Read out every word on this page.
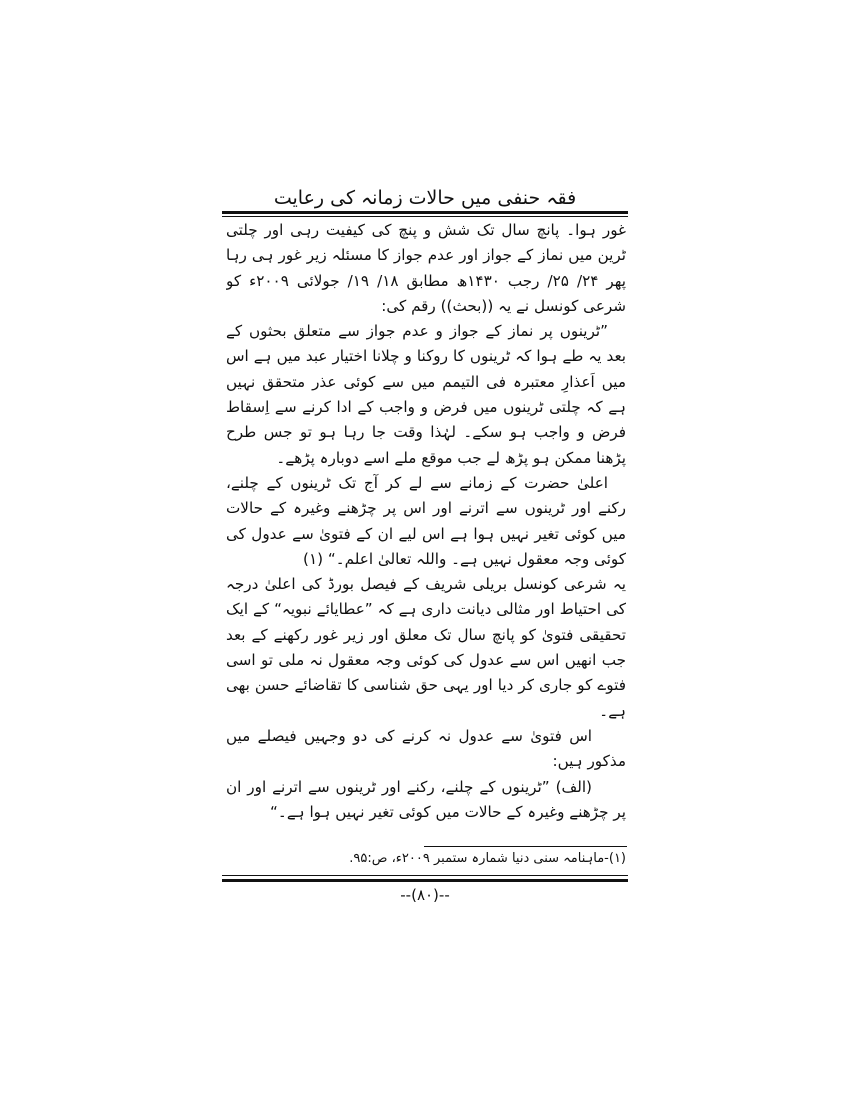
فقہ حنفی میں حالات زمانہ کی رعایت

غور ہوا۔ پانچ سال تک شش و پنچ کی کیفیت رہی اور چلتی ٹرین میں نماز کے جواز اور عدم جواز کا مسئلہ زیر غور ہی رہا پھر ۲۴/ ۲۵/ رجب ۱۴۳۰ھ مطابق ۱۸/ ۱۹/ جولائی ۲۰۰۹ء کو شرعی کونسل نے یہ ((بحث)) رقم کی:

”ٹرینوں پر نماز کے جواز و عدم جواز سے متعلق بحثوں کے بعد یہ طے ہوا کہ ٹرینوں کا روکنا و چلانا اختیار عبد میں ہے اس میں اَعذارِ معتبرہ فی التیمم میں سے کوئی عذر متحقق نہیں ہے کہ چلتی ٹرینوں میں فرض و واجب کے ادا کرنے سے اِسقاط فرض و واجب ہو سکے۔ لہٰذا وقت جا رہا ہو تو جس طرح پڑھنا ممکن ہو پڑھ لے جب موقع ملے اسے دوبارہ پڑھے۔

اعلیٰ حضرت کے زمانے سے لے کر آج تک ٹرینوں کے چلنے، رکنے اور ٹرینوں سے اترنے اور اس پر چڑھنے وغیرہ کے حالات میں کوئی تغیر نہیں ہوا ہے اس لیے ان کے فتویٰ سے عدول کی کوئی وجہ معقول نہیں ہے۔ واللہ تعالیٰ اعلم۔“ (۱)

یہ شرعی کونسل بریلی شریف کے فیصل بورڈ کی اعلیٰ درجہ کی احتیاط اور مثالی دیانت داری ہے کہ ”عطایائے نبویہ“ کے ایک تحقیقی فتویٰ کو پانچ سال تک معلق اور زیر غور رکھنے کے بعد جب انھیں اس سے عدول کی کوئی وجہ معقول نہ ملی تو اسی فتوے کو جاری کر دیا اور یہی حق شناسی کا تقاضائے حسن بھی ہے۔

اس فتویٰ سے عدول نہ کرنے کی دو وجہیں فیصلے میں مذکور ہیں:

(الف) ”ٹرینوں کے چلنے، رکنے اور ٹرینوں سے اترنے اور ان پر چڑھنے وغیرہ کے حالات میں کوئی تغیر نہیں ہوا ہے۔“

(۱)-ماہنامہ سنی دنیا شمارہ ستمبر ۲۰۰۹ء، ص:۹۵.
--(۸۰)--
